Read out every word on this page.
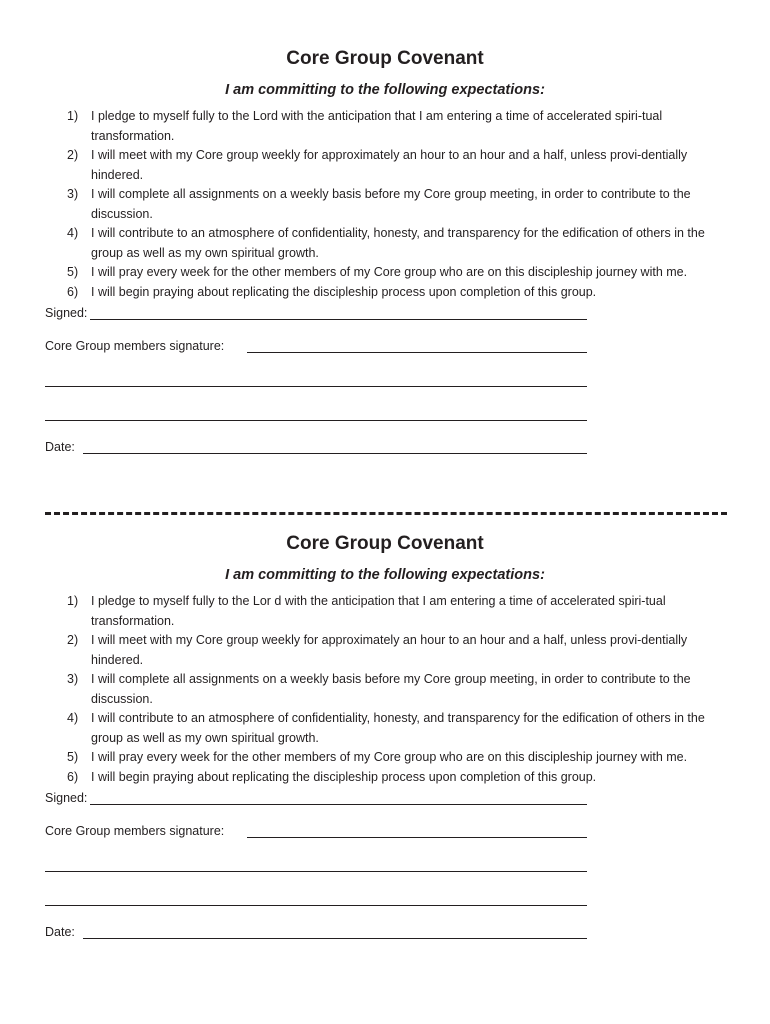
Core Group Covenant
I am committing to the following expectations:
1) I pledge to myself fully to the Lord with the anticipation that I am entering a time of accelerated spiri-tual transformation.
2) I will meet with my Core group weekly for approximately an hour to an hour and a half, unless provi-dentially hindered.
3) I will complete all assignments on a weekly basis before my Core group meeting, in order to contribute to the discussion.
4) I will contribute to an atmosphere of confidentiality, honesty, and transparency for the edification of others in the group as well as my own spiritual growth.
5) I will pray every week for the other members of my Core group who are on this discipleship journey with me.
6) I will begin praying about replicating the discipleship process upon completion of this group.
Signed:
Core Group members signature:
Date:
Core Group Covenant
I am committing to the following expectations:
1) I pledge to myself fully to the Lor d with the anticipation that I am entering a time of accelerated spiri-tual transformation.
2) I will meet with my Core group weekly for approximately an hour to an hour and a half, unless provi-dentially hindered.
3) I will complete all assignments on a weekly basis before my Core group meeting, in order to contribute to the discussion.
4) I will contribute to an atmosphere of confidentiality, honesty, and transparency for the edification of others in the group as well as my own spiritual growth.
5) I will pray every week for the other members of my Core group who are on this discipleship journey with me.
6) I will begin praying about replicating the discipleship process upon completion of this group.
Signed:
Core Group members signature:
Date:
